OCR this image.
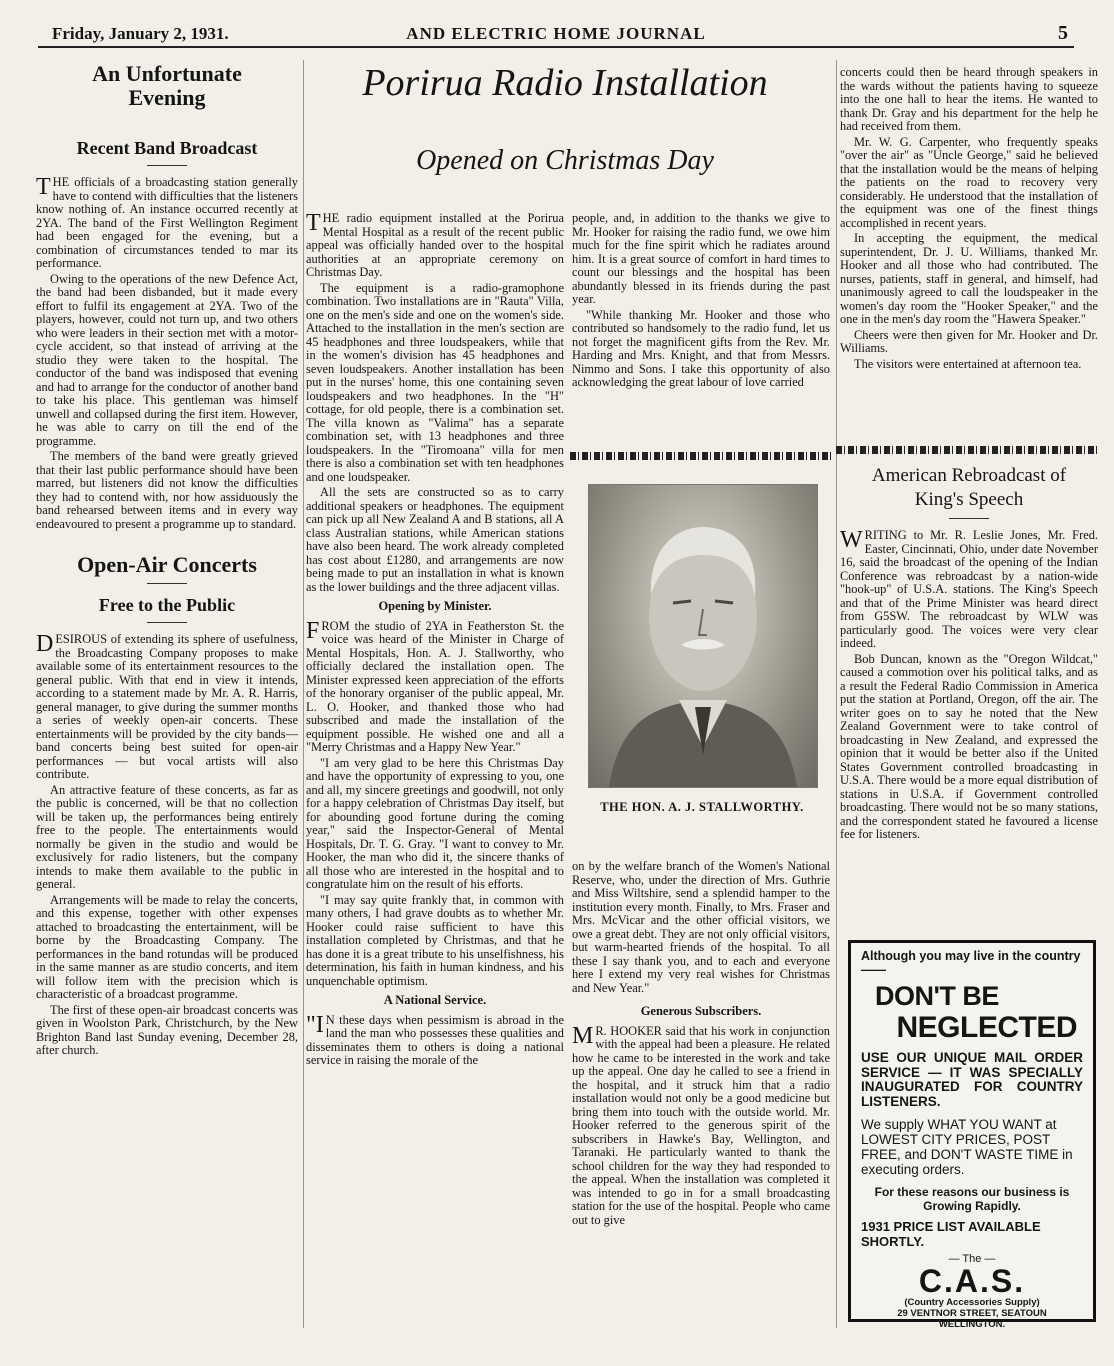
Friday, January 2, 1931.	AND ELECTRIC HOME JOURNAL	5
An Unfortunate
Evening
Recent Band Broadcast

THE officials of a broadcasting station generally have to contend with difficulties that the listeners know nothing of. An instance occurred recently at 2YA. The band of the First Wellington Regiment had been engaged for the evening, but a combination of circumstances tended to mar its performance.

Owing to the operations of the new Defence Act, the band had been disbanded, but it made every effort to fulfil its engagement at 2YA. Two of the players, however, could not turn up, and two others who were leaders in their section met with a motor-cycle accident, so that instead of arriving at the studio they were taken to the hospital. The conductor of the band was indisposed that evening and had to arrange for the conductor of another band to take his place. This gentleman was himself unwell and collapsed during the first item. However, he was able to carry on till the end of the programme.

The members of the band were greatly grieved that their last public performance should have been marred, but listeners did not know the difficulties they had to contend with, nor how assiduously the band rehearsed between items and in every way endeavoured to present a programme up to standard.

Open-Air Concerts
Free to the Public

DESIROUS of extending its sphere of usefulness, the Broadcasting Company proposes to make available some of its entertainment resources to the general public. With that end in view it intends, according to a statement made by Mr. A. R. Harris, general manager, to give during the summer months a series of weekly open-air concerts. These entertainments will be provided by the city bands—band concerts being best suited for open-air performances — but vocal artists will also contribute.

An attractive feature of these concerts, as far as the public is concerned, will be that no collection will be taken up, the performances being entirely free to the people. The entertainments would normally be given in the studio and would be exclusively for radio listeners, but the company intends to make them available to the public in general.

Arrangements will be made to relay the concerts, and this expense, together with other expenses attached to broadcasting the entertainment, will be borne by the Broadcasting Company. The performances in the band rotundas will be produced in the same manner as are studio concerts, and item will follow item with the precision which is characteristic of a broadcast programme.

The first of these open-air broadcast concerts was given in Woolston Park, Christchurch, by the New Brighton Band last Sunday evening, December 28, after church.

Porirua Radio Installation
Opened on Christmas Day

THE radio equipment installed at the Porirua Mental Hospital as a result of the recent public appeal was officially handed over to the hospital authorities at an appropriate ceremony on Christmas Day.

The equipment is a radio-gramophone combination. Two installations are in "Rauta" Villa, one on the men's side and one on the women's side. Attached to the installation in the men's section are 45 headphones and three loudspeakers, while that in the women's division has 45 headphones and seven loudspeakers. Another installation has been put in the nurses' home, this one containing seven loudspeakers and two headphones. In the "H" cottage, for old people, there is a combination set. The villa known as "Valima" has a separate combination set, with 13 headphones and three loudspeakers. In the "Tiromoana" villa for men there is also a combination set with ten headphones and one loudspeaker.

All the sets are constructed so as to carry additional speakers or headphones. The equipment can pick up all New Zealand A and B stations, all A class Australian stations, while American stations have also been heard. The work already completed has cost about £1280, and arrangements are now being made to put an installation in what is known as the lower buildings and the three adjacent villas.

Opening by Minister.

FROM the studio of 2YA in Featherston St. the voice was heard of the Minister in Charge of Mental Hospitals, Hon. A. J. Stallworthy, who officially declared the installation open. The Minister expressed keen appreciation of the efforts of the honorary organiser of the public appeal, Mr. L. O. Hooker, and thanked those who had subscribed and made the installation of the equipment possible. He wished one and all a "Merry Christmas and a Happy New Year."

"I am very glad to be here this Christmas Day and have the opportunity of expressing to you, one and all, my sincere greetings and goodwill, not only for a happy celebration of Christmas Day itself, but for abounding good fortune during the coming year," said the Inspector-General of Mental Hospitals, Dr. T. G. Gray. "I want to convey to Mr. Hooker, the man who did it, the sincere thanks of all those who are interested in the hospital and to congratulate him on the result of his efforts.

"I may say quite frankly that, in common with many others, I had grave doubts as to whether Mr. Hooker could raise sufficient to have this installation completed by Christmas, and that he has done it is a great tribute to his unselfishness, his determination, his faith in human kindness, and his unquenchable optimism.

A National Service.

"IN these days when pessimism is abroad in the land the man who possesses these qualities and disseminates them to others is doing a national service in raising the morale of the

people, and, in addition to the thanks we give to Mr. Hooker for raising the radio fund, we owe him much for the fine spirit which he radiates around him. It is a great source of comfort in hard times to count our blessings and the hospital has been abundantly blessed in its friends during the past year.

"While thanking Mr. Hooker and those who contributed so handsomely to the radio fund, let us not forget the magnificent gifts from the Rev. Mr. Harding and Mrs. Knight, and that from Messrs. Nimmo and Sons. I take this opportunity of also acknowledging the great labour of love carried

THE HON. A. J. STALLWORTHY.

on by the welfare branch of the Women's National Reserve, who, under the direction of Mrs. Guthrie and Miss Wiltshire, send a splendid hamper to the institution every month. Finally, to Mrs. Fraser and Mrs. McVicar and the other official visitors, we owe a great debt. They are not only official visitors, but warm-hearted friends of the hospital. To all these I say thank you, and to each and everyone here I extend my very real wishes for Christmas and New Year."

Generous Subscribers.

MR. HOOKER said that his work in conjunction with the appeal had been a pleasure. He related how he came to be interested in the work and take up the appeal. One day he called to see a friend in the hospital, and it struck him that a radio installation would not only be a good medicine but bring them into touch with the outside world. Mr. Hooker referred to the generous spirit of the subscribers in Hawke's Bay, Wellington, and Taranaki. He particularly wanted to thank the school children for the way they had responded to the appeal. When the installation was completed it was intended to go in for a small broadcasting station for the use of the hospital. People who came out to give

concerts could then be heard through speakers in the wards without the patients having to squeeze into the one hall to hear the items. He wanted to thank Dr. Gray and his department for the help he had received from them.

Mr. W. G. Carpenter, who frequently speaks "over the air" as "Uncle George," said he believed that the installation would be the means of helping the patients on the road to recovery very considerably. He understood that the installation of the equipment was one of the finest things accomplished in recent years.

In accepting the equipment, the medical superintendent, Dr. J. U. Williams, thanked Mr. Hooker and all those who had contributed. The nurses, patients, staff in general, and himself, had unanimously agreed to call the loudspeaker in the women's day room the "Hooker Speaker," and the one in the men's day room the "Hawera Speaker."

Cheers were then given for Mr. Hooker and Dr. Williams.

The visitors were entertained at afternoon tea.

American Rebroadcast of
King's Speech

WRITING to Mr. R. Leslie Jones, Mr. Fred. Easter, Cincinnati, Ohio, under date November 16, said the broadcast of the opening of the Indian Conference was rebroadcast by a nation-wide "hook-up" of U.S.A. stations. The King's Speech and that of the Prime Minister was heard direct from G5SW. The rebroadcast by WLW was particularly good. The voices were very clear indeed.

Bob Duncan, known as the "Oregon Wildcat," caused a commotion over his political talks, and as a result the Federal Radio Commission in America put the station at Portland, Oregon, off the air. The writer goes on to say he noted that the New Zealand Government were to take control of broadcasting in New Zealand, and expressed the opinion that it would be better also if the United States Government controlled broadcasting in U.S.A. There would be a more equal distribution of stations in U.S.A. if Government controlled broadcasting. There would not be so many stations, and the correspondent stated he favoured a license fee for listeners.

Although you may live in the country——
DON'T BE
NEGLECTED
USE OUR UNIQUE MAIL ORDER SERVICE — IT WAS SPECIALLY INAUGURATED FOR COUNTRY LISTENERS.
We supply WHAT YOU WANT at LOWEST CITY PRICES, POST FREE, and DON'T WASTE TIME in executing orders.
For these reasons our business is Growing Rapidly.
1931 PRICE LIST AVAILABLE SHORTLY.
— The —
C.A.S.
(Country Accessories Supply)
29 VENTNOR STREET, SEATOUN
WELLINGTON.
